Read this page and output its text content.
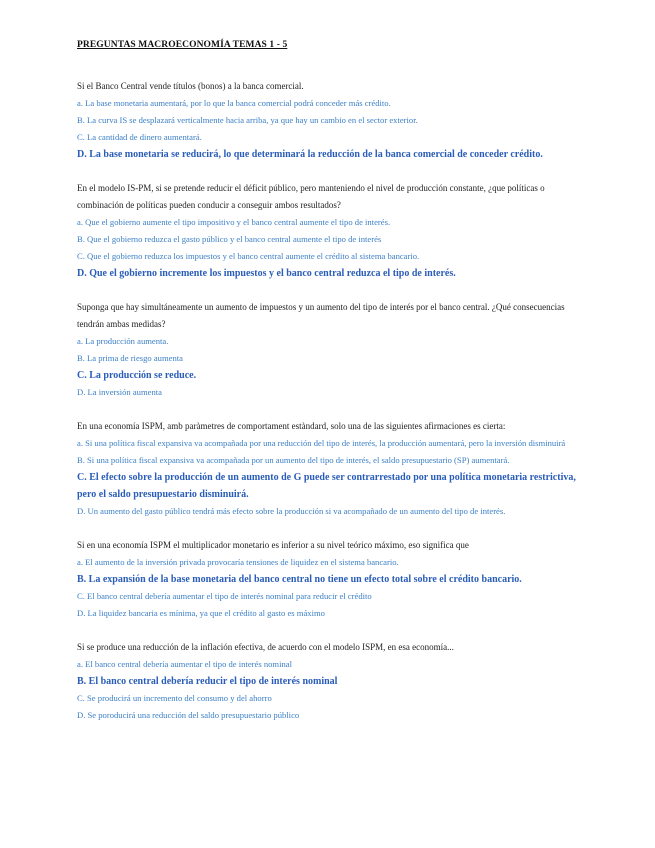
PREGUNTAS MACROECONOMÍA TEMAS 1 - 5

Si el Banco Central vende títulos (bonos) a la banca comercial.

a. La base monetaria aumentará, por lo que la banca comercial podrá conceder más crédito.

B. La curva IS se desplazará verticalmente hacia arriba, ya que hay un cambio en el sector exterior.

C. La cantidad de dinero aumentará.

D. La base monetaria se reducirá, lo que determinará la reducción de la banca comercial de conceder crédito.

En el modelo IS-PM, si se pretende reducir el déficit público, pero manteniendo el nivel de producción constante, ¿que políticas o combinación de políticas pueden conducir a conseguir ambos resultados?

a. Que el gobierno aumente el tipo impositivo y el banco central aumente el tipo de interés.

B. Que el gobierno reduzca el gasto público y el banco central aumente el tipo de interés

C. Que el gobierno reduzca los impuestos y el banco central aumente el crédito al sistema bancario.

D. Que el gobierno incremente los impuestos y el banco central reduzca el tipo de interés.

Suponga que hay simultáneamente un aumento de impuestos y un aumento del tipo de interés por el banco central. ¿Qué consecuencias tendrán ambas medidas?

a. La producción aumenta.

B. La prima de riesgo aumenta

C. La producción se reduce.

D. La inversión aumenta

En una economía ISPM, amb paràmetres de comportament estàndard, solo una de las siguientes afirmaciones es cierta:

a. Si una política fiscal expansiva va acompañada por una reducción del tipo de interés, la producción aumentará, pero la inversión disminuirá

B. Si una política fiscal expansiva va acompañada por un aumento del tipo de interés, el saldo presupuestario (SP) aumentará.

C. El efecto sobre la producción de un aumento de G puede ser contrarrestado por una política monetaria restrictiva, pero el saldo presupuestario disminuirá.

D. Un aumento del gasto público tendrá más efecto sobre la producción si va acompañado de un aumento del tipo de interés.

Si en una economía ISPM el multiplicador monetario es inferior a su nivel teórico máximo, eso significa que

a. El aumento de la inversión privada provocaría tensiones de liquidez en el sistema bancario.

B. La expansión de la base monetaria del banco central no tiene un efecto total sobre el crédito bancario.

C. El banco central debería aumentar el tipo de interés nominal para reducir el crédito

D. La liquidez bancaria es mínima, ya que el crédito al gasto es máximo

Si se produce una reducción de la inflación efectiva, de acuerdo con el modelo ISPM, en esa economía...

a. El banco central debería aumentar el tipo de interés nominal

B. El banco central debería reducir el tipo de interés nominal

C. Se producirá un incremento del consumo y del ahorro

D. Se poroducirá una reducción del saldo presupuestario público
